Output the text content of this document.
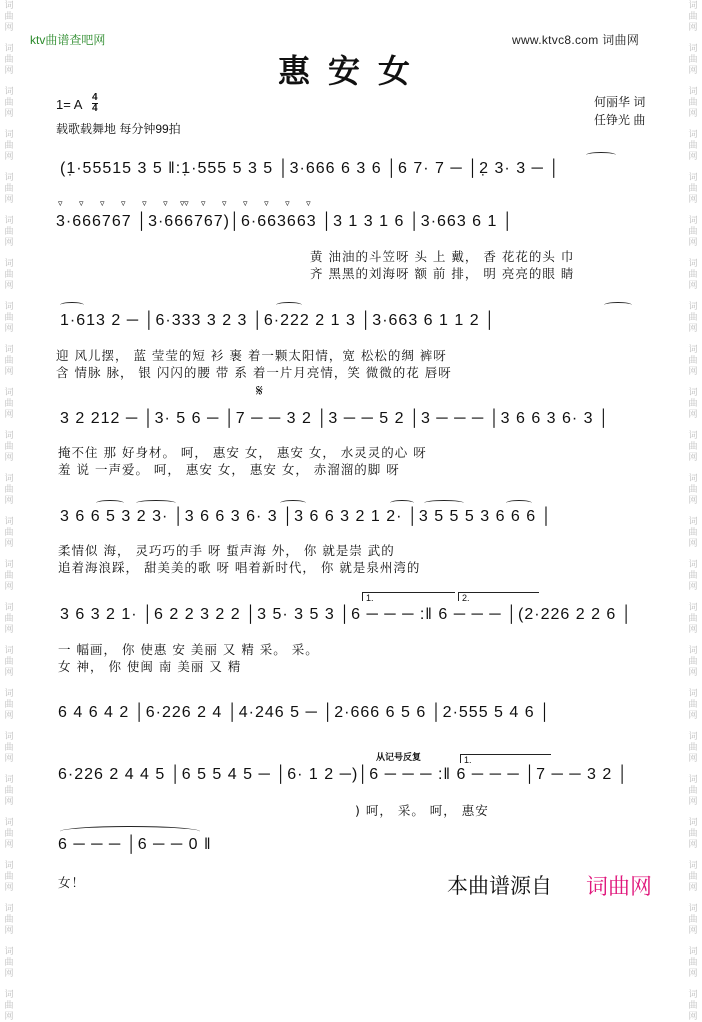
词曲网
词曲网
词曲网
词曲网
词曲网
词曲网
词曲网
词曲网
词曲网
词曲网
词曲网
词曲网
词曲网
词曲网
词曲网
词曲网
词曲网
词曲网
词曲网
词曲网
词曲网
词曲网
词曲网
词曲网
词曲网
词曲网
词曲网
词曲网
词曲网
词曲网
词曲网
词曲网
词曲网
词曲网
词曲网
词曲网
词曲网
词曲网
词曲网
词曲网
词曲网
词曲网
词曲网
词曲网
词曲网
词曲网
词曲网
词曲网
ktv曲谱查吧网	www.ktvc8.com 词曲网
惠安女
1= A 4
4
载歌载舞地 每分钟99拍
何丽华 词
任铮光 曲
(1̣·55515 3 5 ‖:1̣·555 5 3 5 │3·666 6 3 6 │6 7· 7 ─ │2̣ 3· 3 ─ │
▿ ▿ ▿ ▿ ▿ ▿ ▿
▿ ▿ ▿ ▿ ▿ ▿ ▿
3·666767 │3·666767)│6·663663 │3 1 3 1 6 │3·663 6 1 │
黄 油油的斗笠呀 头 上 戴， 香 花花的头 巾
齐 黑黑的刘海呀 额 前 排， 明 亮亮的眼 睛
1·613 2 ─ │6·333 3 2 3 │6·222 2 1 3 │3·663 6 1 1 2 │
迎 风儿摆， 蓝 莹莹的短 衫 裹 着一颗太阳情，宽 松松的绸 裤呀
含 情脉 脉， 银 闪闪的腰 带 系 着一片月亮情，笑 微微的花 唇呀
𝄋
3 2 212 ─ │3· 5 6 ─ │7 ─ ─ 3 2 │3 ─ ─ 5 2 │3 ─ ─ ─ │3 6 6 3 6· 3 │
掩不住 那 好身材。 呵， 惠安 女， 惠安 女， 水灵灵的心 呀
羞 说 一声爱。 呵， 惠安 女， 惠安 女， 赤溜溜的脚 呀
3 6 6 5 3 2 3· │3 6 6 3 6· 3 │3 6 6 3 2 1 2· │3 5 5 5 3 6 6 6 │
柔情似 海， 灵巧巧的手 呀 蜇声海 外， 你 就是崇 武的
追着海浪踩， 甜美美的歌 呀 唱着新时代， 你 就是泉州湾的
1.	2.
3 6 3 2 1· │6 2 2 3 2 2 │3 5· 3 5 3 │6 ─ ─ ─ :‖ 6 ─ ─ ─ │(2·226 2 2 6 │
一 幅画， 你 使惠 安 美丽 又 精 采。 采。
女 神， 你 使闽 南 美丽 又 精
6 4 6 4 2 │6·226 2 4 │4·246 5 ─ │2·666 6 5 6 │2·555 5 4 6 │
从记号反复	1.
6·226 2 4 4 5 │6 5 5 4 5 ─ │6· 1 2 ─)│6 ─ ─ ─ :‖ 6 ─ ─ ─ │7 ─ ─ 3 2 │
) 呵， 采。 呵， 惠安
6 ─ ─ ─ │6 ─ ─ 0 ‖
女！	本曲谱源自 词曲网
